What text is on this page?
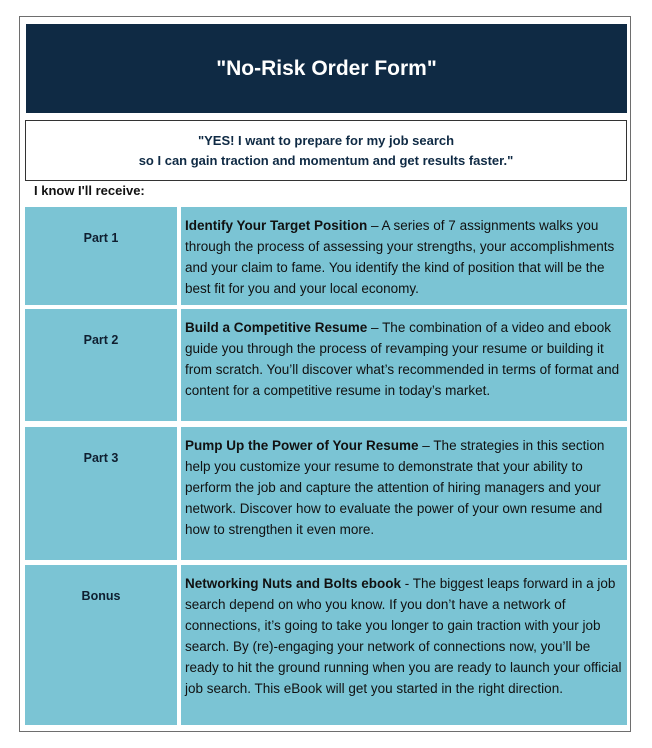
"No-Risk Order Form"
"YES! I want to prepare for my job search
so I can gain traction and momentum and get results faster."
I know I'll receive:
Part 1
Identify Your Target Position – A series of 7 assignments walks you through the process of assessing your strengths, your accomplishments and your claim to fame. You identify the kind of position that will be the best fit for you and your local economy.
Part 2
Build a Competitive Resume – The combination of a video and ebook guide you through the process of revamping your resume or building it from scratch. You’ll discover what’s recommended in terms of format and content for a competitive resume in today’s market.
Part 3
Pump Up the Power of Your Resume – The strategies in this section help you customize your resume to demonstrate that your ability to perform the job and capture the attention of hiring managers and your network. Discover how to evaluate the power of your own resume and how to strengthen it even more.
Bonus
Networking Nuts and Bolts ebook - The biggest leaps forward in a job search depend on who you know. If you don’t have a network of connections, it’s going to take you longer to gain traction with your job search. By (re)-engaging your network of connections now, you’ll be ready to hit the ground running when you are ready to launch your official job search. This eBook will get you started in the right direction.
